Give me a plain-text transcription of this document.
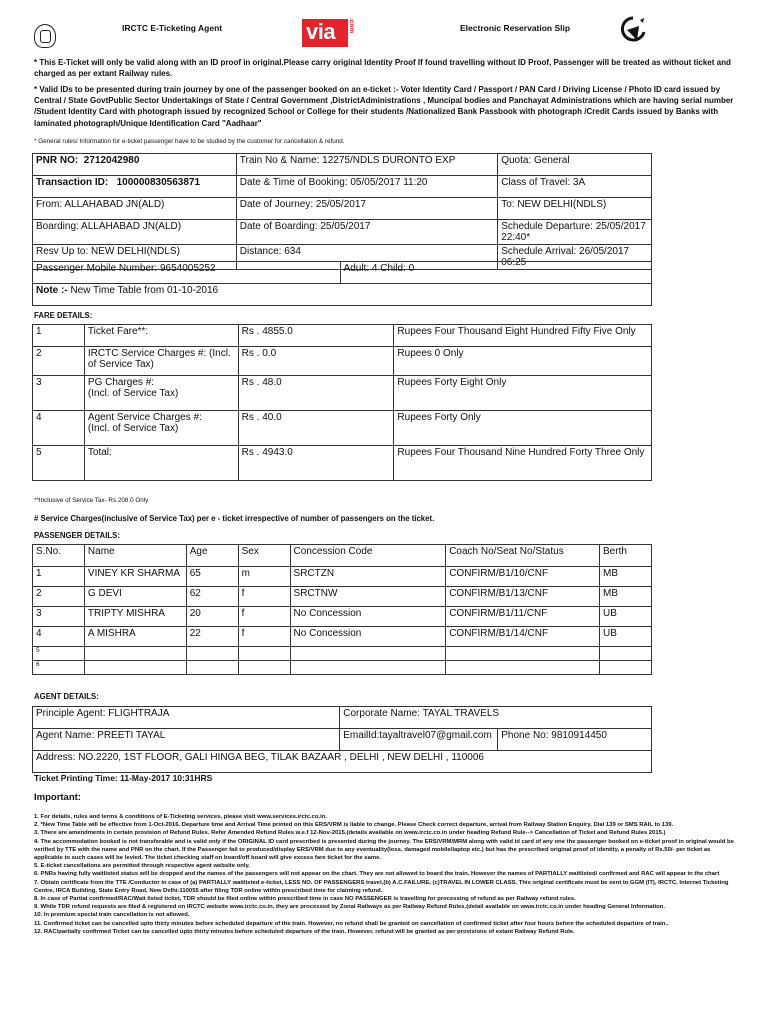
IRCTC E-Ticketing Agent	via	.com	Electronic Reservation Slip
* This E-Ticket will only be valid along with an ID proof in original.Please carry original Identity Proof If found travelling without ID Proof, Passenger will be treated as without ticket and charged as per extant Railway rules.
* Valid IDs to be presented during train journey by one of the passenger booked on an e-ticket :- Voter Identity Card / Passport / PAN Card / Driving License / Photo ID card issued by Central / State GovtPublic Sector Undertakings of State / Central Government ,DistrictAdministrations , Muncipal bodies and Panchayat Administrations which are having serial number /Student Identity Card with photograph issued by recognized School or College for their students /Nationalized Bank Passbook with photograph /Credit Cards issued by Banks with laminated photograph/Unique Identification Card "Aadhaar"
* General rules/ Information for e-ticket passenger have to be studied by the customer for cancellation & refund.
PNR NO: 2712042980	Train No & Name: 12275/NDLS DURONTO EXP	Quota: General
Transaction ID: 100000830563871	Date & Time of Booking: 05/05/2017 11:20	Class of Travel: 3A
From: ALLAHABAD JN(ALD)	Date of Journey: 25/05/2017	To: NEW DELHI(NDLS)
Boarding: ALLAHABAD JN(ALD)	Date of Boarding: 25/05/2017	Schedule Departure: 25/05/2017 22:40*
Resv Up to: NEW DELHI(NDLS)	Distance: 634	Schedule Arrival: 26/05/2017 06:25
Passenger Mobile Number: 9654005252	Adult: 4 Child: 0
Note :- New Time Table from 01-10-2016
FARE DETAILS:
1	Ticket Fare**:	Rs . 4855.0	Rupees Four Thousand Eight Hundred Fifty Five Only
2	IRCTC Service Charges #: (Incl. of Service Tax)	Rs . 0.0	Rupees 0 Only
3	PG Charges #:
(Incl. of Service Tax)	Rs . 48.0	Rupees Forty Eight Only
4	Agent Service Charges #:
(Incl. of Service Tax)	Rs . 40.0	Rupees Forty Only
5	Total:	Rs . 4943.0	Rupees Four Thousand Nine Hundred Forty Three Only
**Inclusive of Service Tax- Rs.208.0 Only
# Service Charges(inclusive of Service Tax) per e - ticket irrespective of number of passengers on the ticket.
PASSENGER DETAILS:
S.No.	Name	Age	Sex	Concession Code	Coach No/Seat No/Status	Berth
1	VINEY KR SHARMA	65	m	SRCTZN	CONFIRM/B1/10/CNF	MB
2	G DEVI	62	f	SRCTNW	CONFIRM/B1/13/CNF	MB
3	TRIPTY MISHRA	20	f	No Concession	CONFIRM/B1/11/CNF	UB
4	A MISHRA	22	f	No Concession	CONFIRM/B1/14/CNF	UB
5						
6						
AGENT DETAILS:
Principle Agent: FLIGHTRAJA	Corporate Name: TAYAL TRAVELS	
Agent Name: PREETI TAYAL	EmailId:tayaltravel07@gmail.com	Phone No: 9810914450
Address: NO.2220, 1ST FLOOR, GALI HINGA BEG, TILAK BAZAAR , DELHI , NEW DELHI , 110006		
Ticket Printing Time: 11-May-2017 10:31HRS
Important:

1. For details, rules and terms & conditions of E-Ticketing services, please visit www.services.irctc.co.in.

2. *New Time Table will be effective from 1-Oct-2016. Departure time and Arrival Time printed on this ERS/VRM is liable to change. Please Check correct departure, arrival from Railway Station Enquiry, Dial 139 or SMS RAIL to 139.

3. There are amendments in certain provision of Refund Rules. Refer Amended Refund Rules w.e.f 12-Nov-2015.(details available on www.irctc.co.in under heading Refund Rule--> Cancellation of Ticket and Refund Rules 2015.)

4. The accommodation booked is not transferable and is valid only if the ORIGINAL ID card prescribed is presented during the journey. The ERS/VRM/MRM along with valid id card of any one the passenger booked on e-ticket proof in original would be verified by TTE with the name and PNR on the chart. If the Passenger fail to produced/display ERS/VRM due to any eventuality(loss, damaged mobile/laptop etc.) but has the prescribed original proof of identity, a penalty of Rs.50/- per ticket as applicable to such cases will be levied. The ticket checking staff on board/off board will give excess fare ticket for the same.

5. E-ticket cancellations are permitted through respective agent website only.

6. PNRs having fully waitlisted status will be dropped and the names of the passengers will not appear on the chart. They are not allowed to board the train. However the names of PARTIALLY waitlisted/ confirmed and RAC will appear in the chart

7. Obtain certificate from the TTE /Conductor in case of (a) PARTIALLY waitlisted e-ticket, LESS NO. OF PASSENGERS travel,(b) A.C.FAILURE, (c)TRAVEL IN LOWER CLASS. This original certificate must be sent to GGM (IT), IRCTC, Internet Ticketing Centre, IRCA Building, State Entry Road, New Delhi-110055 after filing TDR online within prescribed time for claiming refund.

8. In case of Partial confirmed/RAC/Wait listed ticket, TDR should be filed online within prescribed time in case NO PASSENGER is travelling for processing of refund as per Railway refund rules.

9. While TDR refund requests are filed & registered on IRCTC website www.irctc.co.in, they are processed by Zonal Railways as per Railway Refund Rules.(detail available on www.irctc.co.in under heading General Information.

10. In premium special train cancellation is not allowed.

11. Confirmed ticket can be cancelled upto thirty minutes before scheduled departure of the train. However, no refund shall be granted on cancellation of confirmed ticket after four hours before the scheduled departure of train..

12. RAC/partially confirmed Ticket can be cancelled upto thirty minutes before scheduled departure of the train. However, refund will be granted as per provisions of extant Railway Refund Rule.
